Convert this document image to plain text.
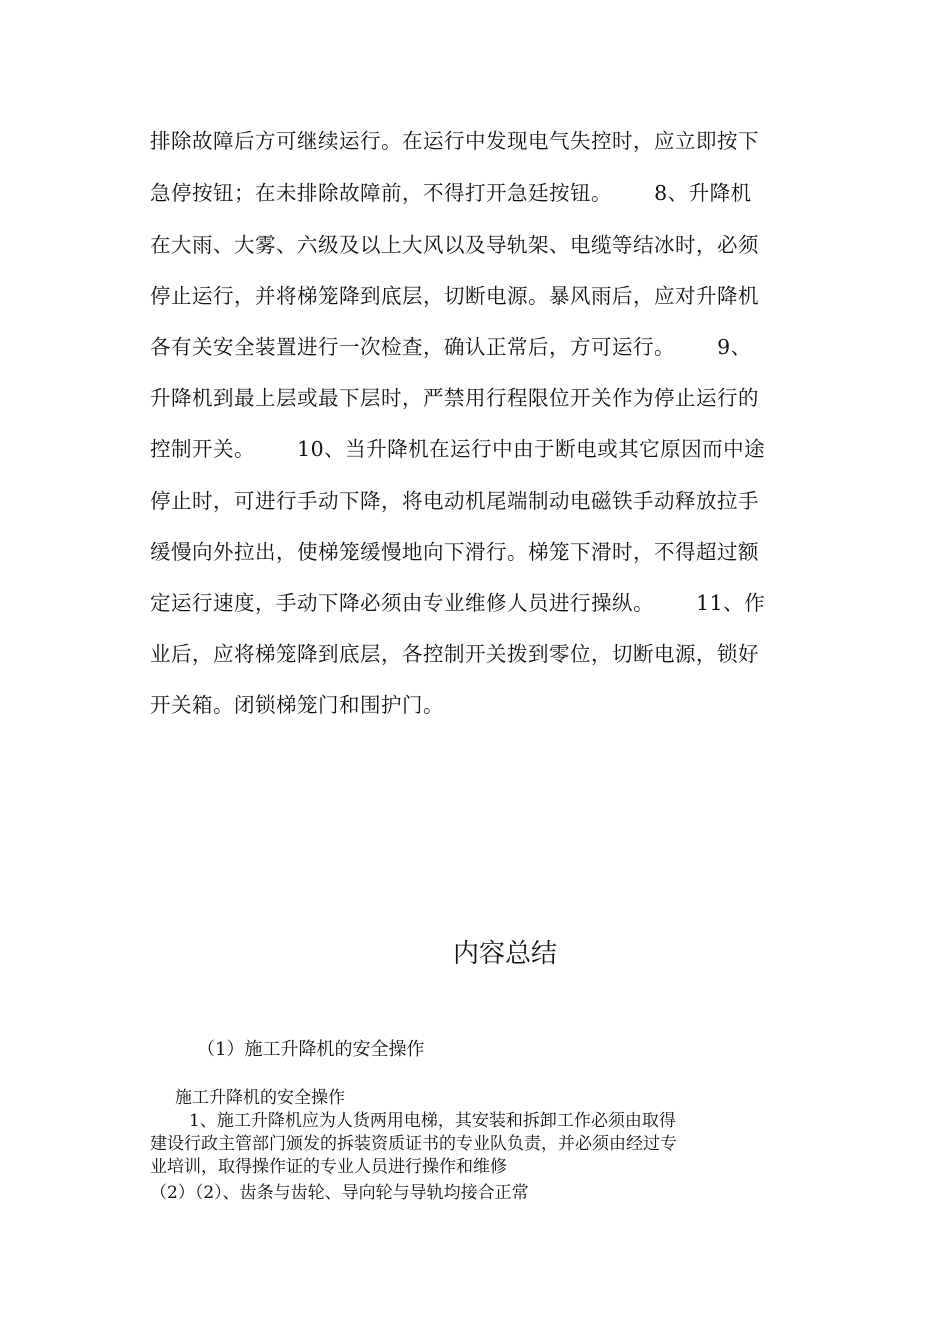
排除故障后方可继续运行。在运行中发现电气失控时，应立即按下
急停按钮；在未排除故障前，不得打开急廷按钮。      8、升降机
在大雨、大雾、六级及以上大风以及导轨架、电缆等结冰时，必须
停止运行，并将梯笼降到底层，切断电源。暴风雨后，应对升降机
各有关安全装置进行一次检查，确认正常后，方可运行。      9、
升降机到最上层或最下层时，严禁用行程限位开关作为停止运行的
控制开关。      10、当升降机在运行中由于断电或其它原因而中途
停止时，可进行手动下降，将电动机尾端制动电磁铁手动释放拉手
缓慢向外拉出，使梯笼缓慢地向下滑行。梯笼下滑时，不得超过额
定运行速度，手动下降必须由专业维修人员进行操纵。      11、作
业后，应将梯笼降到底层，各控制开关拨到零位，切断电源，锁好
开关箱。闭锁梯笼门和围护门。
内容总结
（1）施工升降机的安全操作
施工升降机的安全操作
1、施工升降机应为人货两用电梯，其安装和拆卸工作必须由取得
建设行政主管部门颁发的拆装资质证书的专业队负责，并必须由经过专
业培训，取得操作证的专业人员进行操作和维修
（2）（2）、齿条与齿轮、导向轮与导轨均接合正常
